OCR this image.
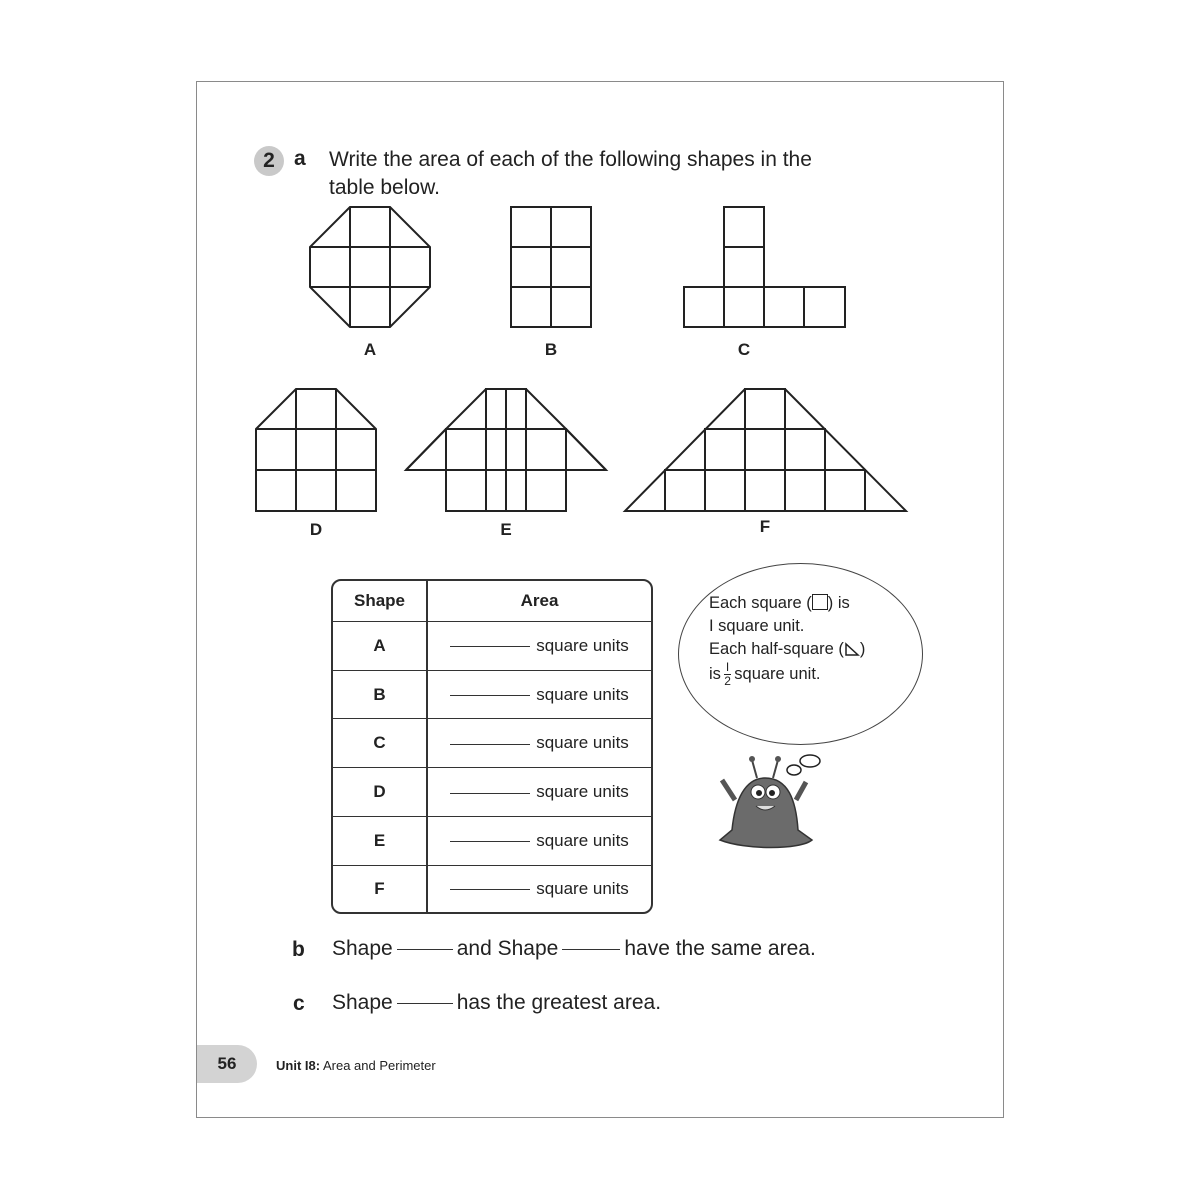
2 a Write the area of each of the following shapes in the
table below.
A	B	C
D	E	F
Shape	Area
A	square units
B	square units
C	square units
D	square units
E	square units
F	square units
Each square ( ) is
I square unit.
Each half-square ( )
is $\frac{I}{2}$ square unit.
b Shape	and Shape	have the same area.
c Shape	has the greatest area.
56	Unit I8: Area and Perimeter
